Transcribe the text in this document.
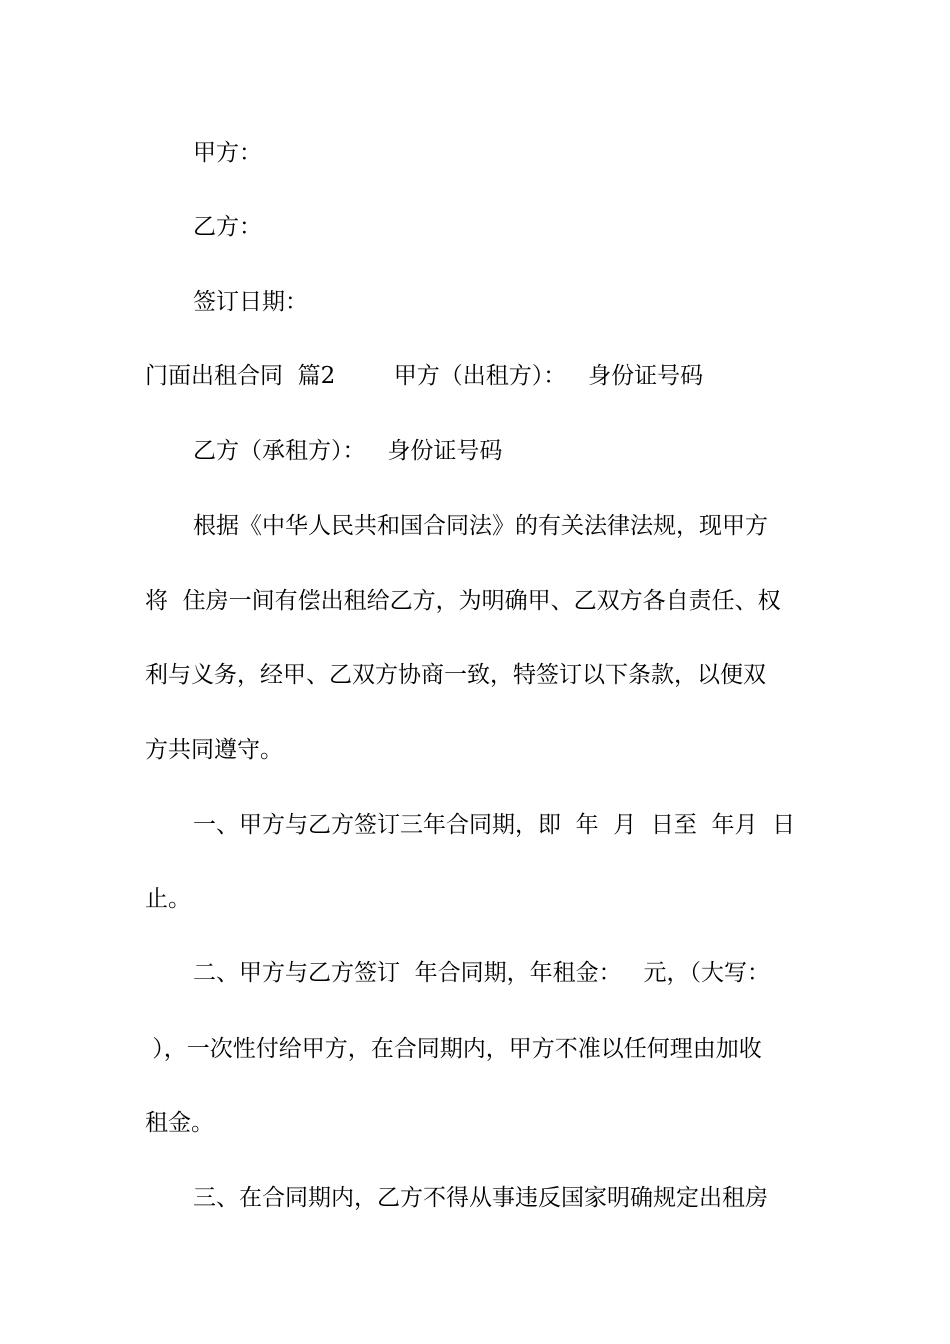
甲方：

乙方：

签订日期：

门面出租合同  篇2        甲方（出租方）：   身份证号码

乙方（承租方）：   身份证号码

根据《中华人民共和国合同法》的有关法律法规，现甲方

将  住房一间有偿出租给乙方，为明确甲、乙双方各自责任、权

利与义务，经甲、乙双方协商一致，特签订以下条款，以便双

方共同遵守。

一、甲方与乙方签订三年合同期，即  年  月  日至  年月  日

止。

二、甲方与乙方签订  年合同期，年租金：   元，（大写：

），一次性付给甲方，在合同期内，甲方不准以任何理由加收

租金。

三、在合同期内，乙方不得从事违反国家明确规定出租房
